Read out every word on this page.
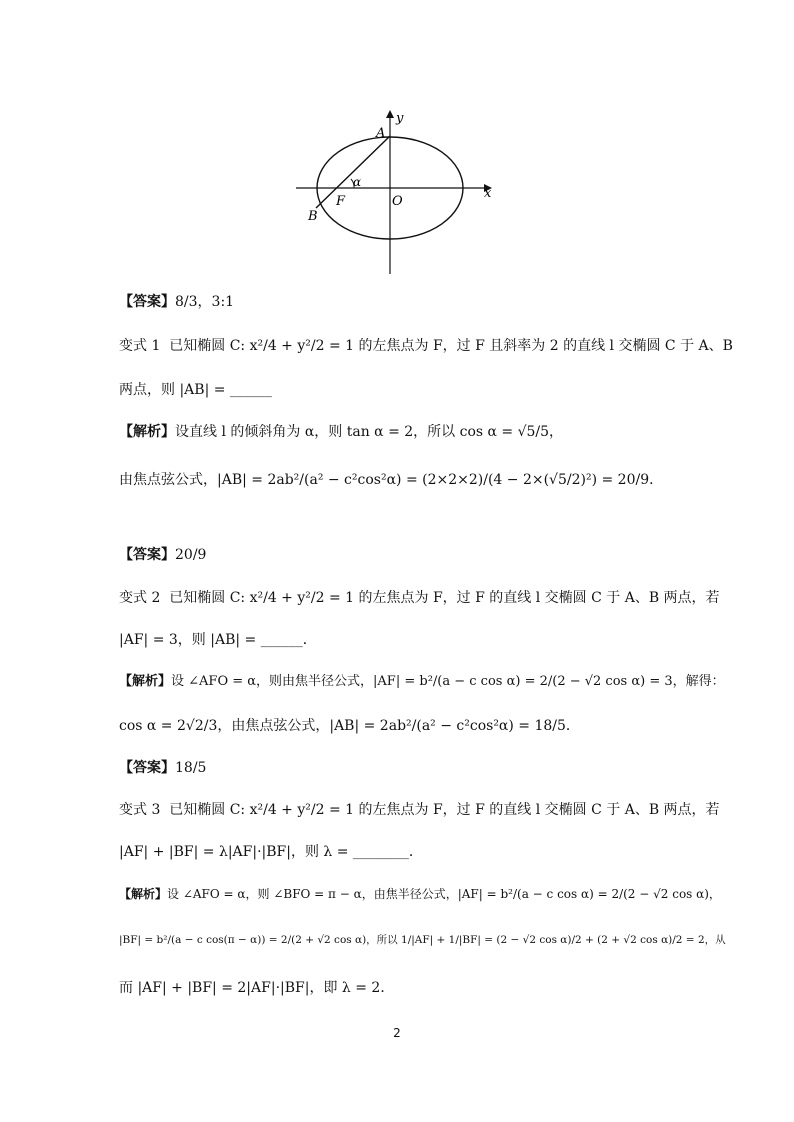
y
x
A
B
F	O
α
【答案】8/3，3:1
变式 1 已知椭圆 C: x²/4 + y²/2 = 1 的左焦点为 F，过 F 且斜率为 2 的直线 l 交椭圆 C 于 A、B
两点，则 |AB| = ______
【解析】设直线 l 的倾斜角为 α，则 tan α = 2，所以 cos α = √5/5，
由焦点弦公式，|AB| = 2ab²/(a² − c²cos²α) = (2×2×2)/(4 − 2×(√5/2)²) = 20/9．
【答案】20/9
变式 2 已知椭圆 C: x²/4 + y²/2 = 1 的左焦点为 F，过 F 的直线 l 交椭圆 C 于 A、B 两点，若
|AF| = 3，则 |AB| = ______．
【解析】设 ∠AFO = α，则由焦半径公式，|AF| = b²/(a − c cos α) = 2/(2 − √2 cos α) = 3，解得：
cos α = 2√2/3，由焦点弦公式，|AB| = 2ab²/(a² − c²cos²α) = 18/5．
【答案】18/5
变式 3 已知椭圆 C: x²/4 + y²/2 = 1 的左焦点为 F，过 F 的直线 l 交椭圆 C 于 A、B 两点，若
|AF| + |BF| = λ|AF|·|BF|，则 λ = ________．
【解析】设 ∠AFO = α，则 ∠BFO = π − α，由焦半径公式，|AF| = b²/(a − c cos α) = 2/(2 − √2 cos α)，
|BF| = b²/(a − c cos(π − α)) = 2/(2 + √2 cos α)，所以 1/|AF| + 1/|BF| = (2 − √2 cos α)/2 + (2 + √2 cos α)/2 = 2，从
而 |AF| + |BF| = 2|AF|·|BF|，即 λ = 2．
2
